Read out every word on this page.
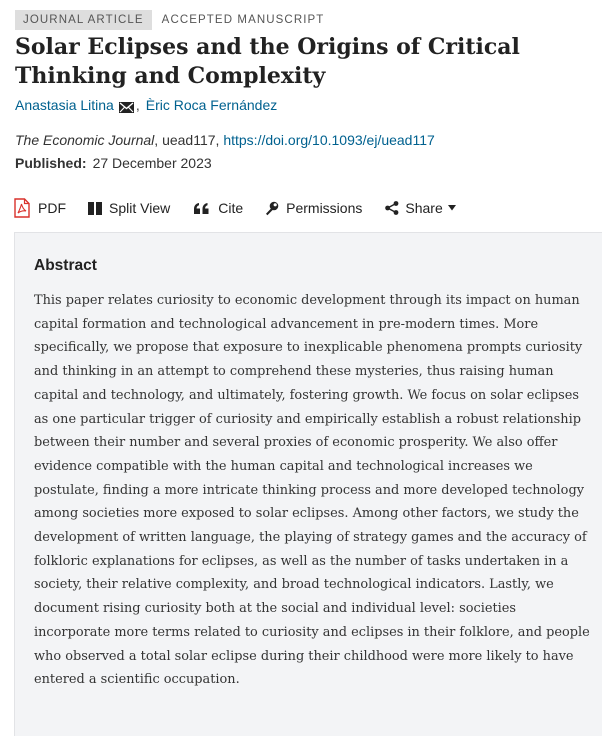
JOURNAL ARTICLE	ACCEPTED MANUSCRIPT
Solar Eclipses and the Origins of Critical Thinking and Complexity
Anastasia Litina , Èric Roca Fernández
The Economic Journal, uead117, https://doi.org/10.1093/ej/uead117
Published: 27 December 2023
PDF	Split View	Cite	Permissions	Share
Abstract

This paper relates curiosity to economic development through its impact on human capital formation and technological advancement in pre-modern times. More specifically, we propose that exposure to inexplicable phenomena prompts curiosity and thinking in an attempt to comprehend these mysteries, thus raising human capital and technology, and ultimately, fostering growth. We focus on solar eclipses as one particular trigger of curiosity and empirically establish a robust relationship between their number and several proxies of economic prosperity. We also offer evidence compatible with the human capital and technological increases we postulate, finding a more intricate thinking process and more developed technology among societies more exposed to solar eclipses. Among other factors, we study the development of written language, the playing of strategy games and the accuracy of folkloric explanations for eclipses, as well as the number of tasks undertaken in a society, their relative complexity, and broad technological indicators. Lastly, we document rising curiosity both at the social and individual level: societies incorporate more terms related to curiosity and eclipses in their folklore, and people who observed a total solar eclipse during their childhood were more likely to have entered a scientific occupation.
